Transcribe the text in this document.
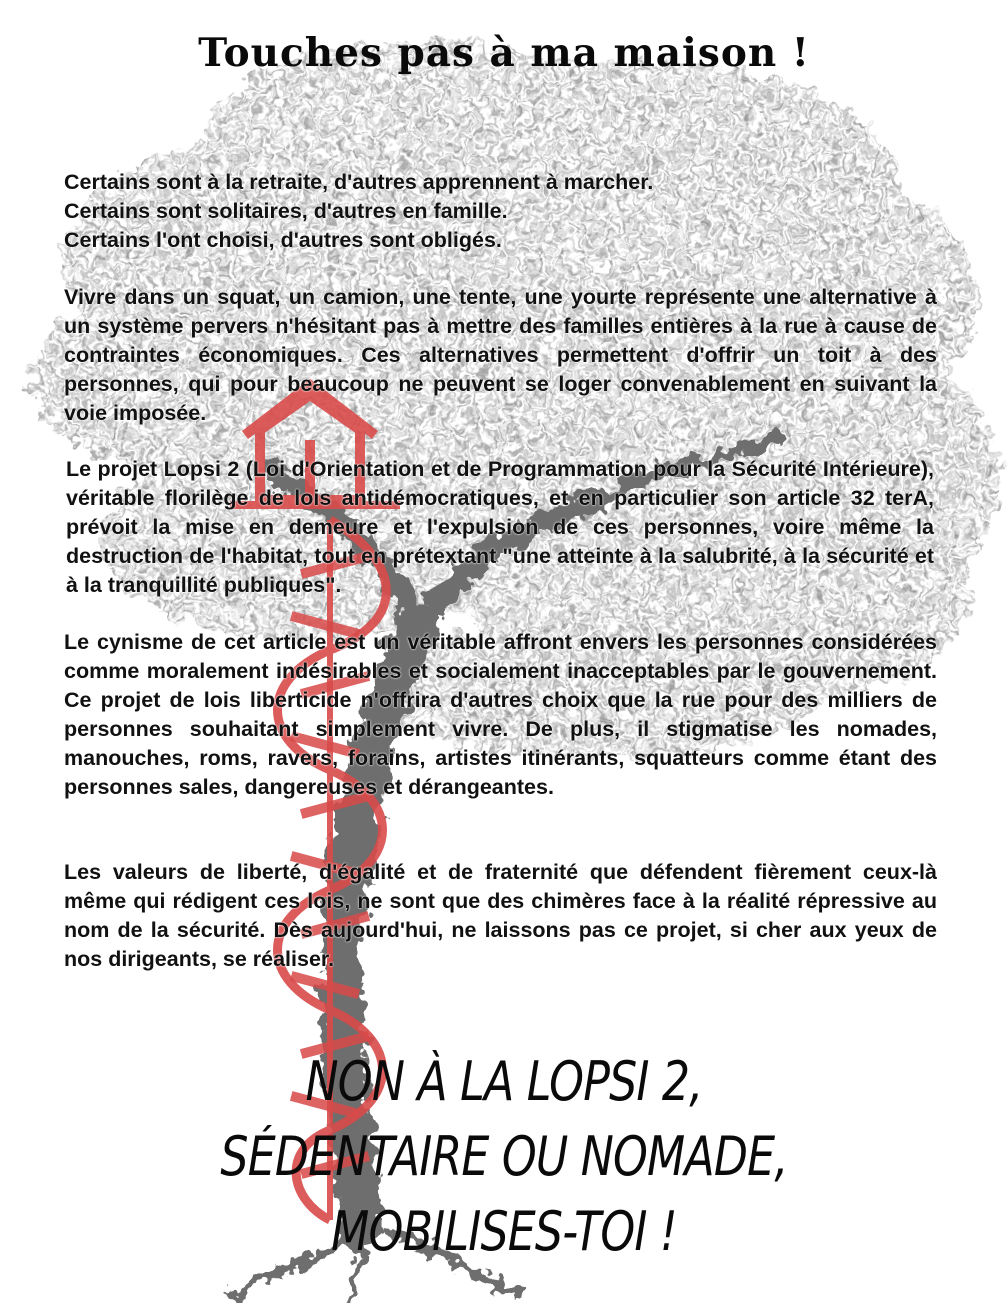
Touches pas à ma maison !
Certains sont à la retraite, d'autres apprennent à marcher.
Certains sont solitaires, d'autres en famille.
Certains l'ont choisi, d'autres sont obligés.

Vivre dans un squat, un camion, une tente, une yourte représente une alternative à un système pervers n'hésitant pas à mettre des familles entières à la rue à cause de contraintes économiques. Ces alternatives permettent d'offrir un toit à des personnes, qui pour beaucoup ne peuvent se loger convenablement en suivant la voie imposée.

Le projet Lopsi 2 (Loi d'Orientation et de Programmation pour la Sécurité Intérieure), véritable florilège de lois antidémocratiques, et en particulier son article 32 terA, prévoit la mise en demeure et l'expulsion de ces personnes, voire même la destruction de l'habitat, tout en prétextant "une atteinte à la salubrité, à la sécurité et à la tranquillité publiques".

Le cynisme de cet article est un véritable affront envers les personnes considérées comme moralement indésirables et socialement inacceptables par le gouvernement. Ce projet de lois liberticide n'offrira d'autres choix que la rue pour des milliers de personnes souhaitant simplement vivre. De plus, il stigmatise les nomades, manouches, roms, ravers, forains, artistes itinérants, squatteurs comme étant des personnes sales, dangereuses et dérangeantes.

Les valeurs de liberté, d'égalité et de fraternité que défendent fièrement ceux-là même qui rédigent ces lois, ne sont que des chimères face à la réalité répressive au nom de la sécurité. Dès aujourd'hui, ne laissons pas ce projet, si cher aux yeux de nos dirigeants, se réaliser.

NON À LA LOPSI 2,
SÉDENTAIRE OU NOMADE,
MOBILISES-TOI !
